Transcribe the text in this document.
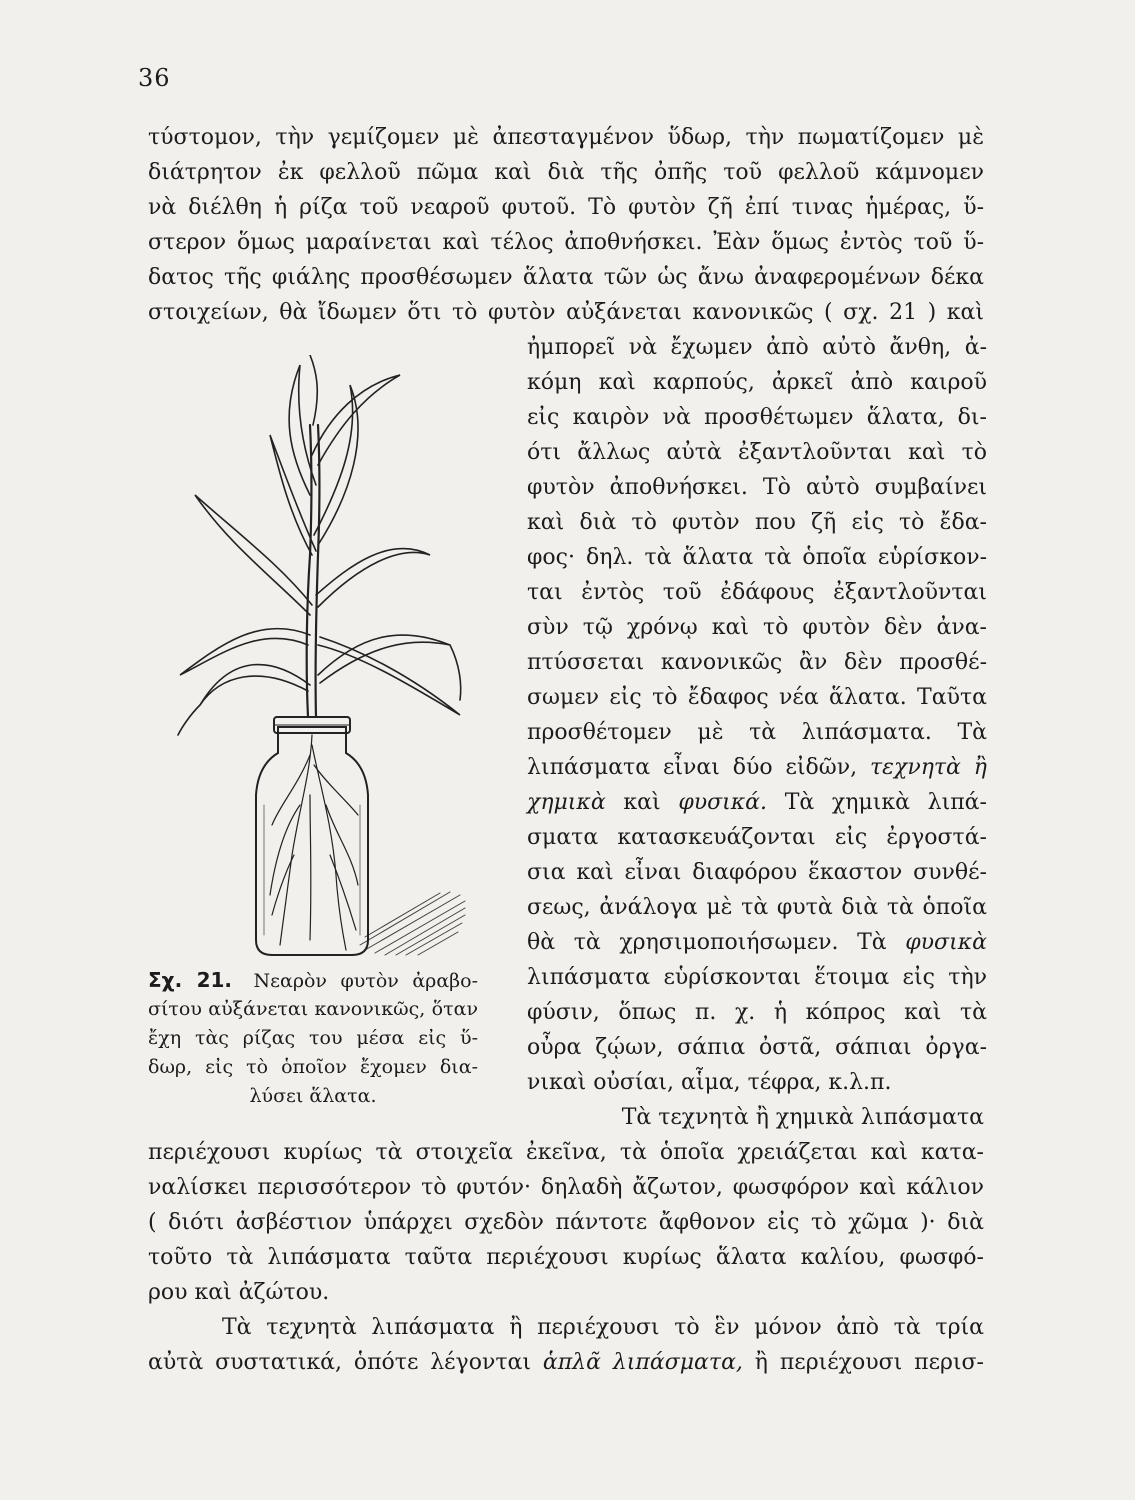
36
τύστομον, τὴν γεμίζομεν μὲ ἀπεσταγμένον ὕδωρ, τὴν πωματίζομεν μὲ
διάτρητον ἐκ φελλοῦ πῶμα καὶ διὰ τῆς ὀπῆς τοῦ φελλοῦ κάμνομεν
νὰ διέλθη ἡ ρίζα τοῦ νεαροῦ φυτοῦ. Τὸ φυτὸν ζῆ ἐπί τινας ἡμέρας, ὕ-
στερον ὅμως μαραίνεται καὶ τέλος ἀποθνήσκει. Ἐὰν ὅμως ἐντὸς τοῦ ὕ-
δατος τῆς φιάλης προσθέσωμεν ἅλατα τῶν ὡς ἄνω ἀναφερομένων δέκα
στοιχείων, θὰ ἴδωμεν ὅτι τὸ φυτὸν αὐξάνεται κανονικῶς ( σχ. 21 ) καὶ
ἠμπορεῖ νὰ ἔχωμεν ἀπὸ αὐτὸ ἄνθη, ἀ-
κόμη καὶ καρπούς, ἀρκεῖ ἀπὸ καιροῦ
εἰς καιρὸν νὰ προσθέτωμεν ἅλατα, δι-
ότι ἄλλως αὐτὰ ἐξαντλοῦνται καὶ τὸ
φυτὸν ἀποθνήσκει. Τὸ αὐτὸ συμβαίνει
καὶ διὰ τὸ φυτὸν που ζῆ εἰς τὸ ἔδα-
φος· δηλ. τὰ ἅλατα τὰ ὁποῖα εὑρίσκον-
ται ἐντὸς τοῦ ἐδάφους ἐξαντλοῦνται
σὺν τῷ χρόνῳ καὶ τὸ φυτὸν δὲν ἀνα-
πτύσσεται κανονικῶς ἂν δὲν προσθέ-
σωμεν εἰς τὸ ἔδαφος νέα ἅλατα. Ταῦτα
προσθέτομεν μὲ τὰ λιπάσματα. Τὰ
λιπάσματα εἶναι δύο εἰδῶν, τεχνητὰ ἢ
χημικὰ καὶ φυσικά. Τὰ χημικὰ λιπά-
σματα κατασκευάζονται εἰς ἐργοστά-
σια καὶ εἶναι διαφόρου ἕκαστον συνθέ-
σεως, ἀνάλογα μὲ τὰ φυτὰ διὰ τὰ ὁποῖα
θὰ τὰ χρησιμοποιήσωμεν. Τὰ φυσικὰ
λιπάσματα εὑρίσκονται ἕτοιμα εἰς τὴν
φύσιν, ὅπως π. χ. ἡ κόπρος καὶ τὰ
οὖρα ζῴων, σάπια ὀστᾶ, σάπιαι ὀργα-
νικαὶ οὐσίαι, αἷμα, τέφρα, κ.λ.π.
Σχ. 21. Νεαρὸν φυτὸν ἀραβο-
σίτου αὐξάνεται κανονικῶς, ὅταν
ἔχη τὰς ρίζας του μέσα εἰς ὕ-
δωρ, εἰς τὸ ὁποῖον ἔχομεν δια-
λύσει ἅλατα.
Τὰ τεχνητὰ ἢ χημικὰ λιπάσματα
περιέχουσι κυρίως τὰ στοιχεῖα ἐκεῖνα, τὰ ὁποῖα χρειάζεται καὶ κατα-
ναλίσκει περισσότερον τὸ φυτόν· δηλαδὴ ἄζωτον, φωσφόρον καὶ κάλιον
( διότι ἀσβέστιον ὑπάρχει σχεδὸν πάντοτε ἄφθονον εἰς τὸ χῶμα )· διὰ
τοῦτο τὰ λιπάσματα ταῦτα περιέχουσι κυρίως ἅλατα καλίου, φωσφό-
ρου καὶ ἀζώτου.
Τὰ τεχνητὰ λιπάσματα ἢ περιέχουσι τὸ ἓν μόνον ἀπὸ τὰ τρία
αὐτὰ συστατικά, ὁπότε λέγονται ἁπλᾶ λιπάσματα, ἢ περιέχουσι περισ-
